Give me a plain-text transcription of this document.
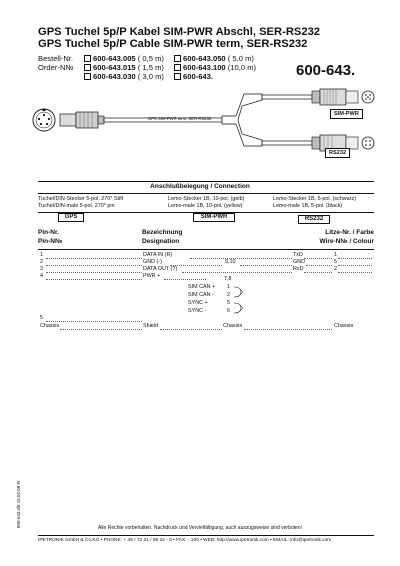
GPS Tuchel 5p/P Kabel SIM-PWR Abschl, SER-RS232
GPS Tuchel 5p/P Cable SIM-PWR term, SER-RS232
Bestell-Nr.
Order-N№
600-643.005 ( 0,5 m)
600-643.015 ( 1,5 m)
600-643.030 ( 3,0 m)
600-643.050 ( 5,0 m)
600-643.100 (10,0 m)
600-643.	600-643.
GPS SIM-PWR term, SER-RS232
SIM-PWR
RS232
Anschlußbelegung / Connection
Tuchel/DIN-Stecker 5-pol. 270° Stift
Tuchel/DIN-male 5-pol. 270° pin
Lemo-Stecker 1B, 10-pol. (gelb)
Lemo-male 1B, 10-pol. (yellow)
Lemo-Stecker 1B, 5-pol. (schwarz)
Lemo-male 1B, 5-pol. (black)
GPS	SIM-PWR	RS232
Pin-Nr.
Pin-N№
Bezeichnung
Designation
Litze-Nr. / Farbe
Wire-N№ / Colour
1	DATA IN (R)	TxD	1
2	GND (-)	9,10	GND	5
3	DATA OUT (T)	RxD	2
4	PWR +	7,8
SIM CAN + 1
SIM CAN - 2
SYNC +	5
SYNC -	6
5
Chassis	Shield	Chassis	Chassis
600-643.sl8 15.02.08 Fr	Alle Rechte vorbehalten. Nachdruck und Vervielfältigung, auch auszugsweise sind verboten!
IPETRONIK GmbH & Co.KG • PHONE: + 49 / 72 21 / 99 22 - 0 • FAX: - 100 • WEB: http://www.ipetronik.com • EMAIL: info@ipetronik.com
